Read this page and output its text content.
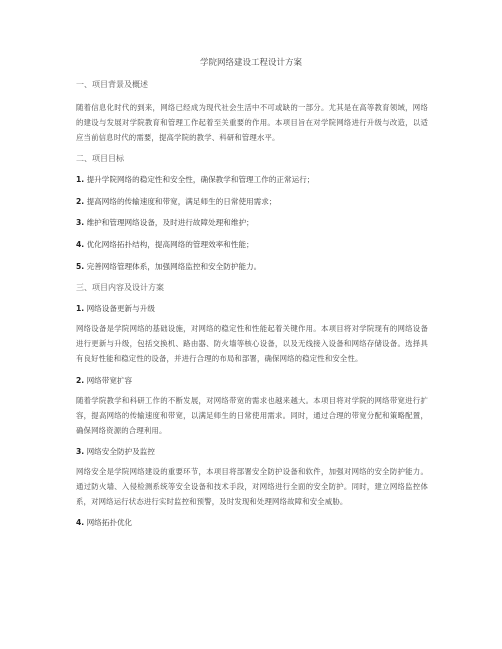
学院网络建设工程设计方案
一、项目背景及概述
随着信息化时代的到来，网络已经成为现代社会生活中不可或缺的一部分。尤其是在高等教育领域，网络的建设与发展对学院教育和管理工作起着至关重要的作用。本项目旨在对学院网络进行升级与改造，以适应当前信息时代的需要，提高学院的教学、科研和管理水平。
二、项目目标
1. 提升学院网络的稳定性和安全性，确保教学和管理工作的正常运行；
2. 提高网络的传输速度和带宽，满足师生的日常使用需求；
3. 维护和管理网络设备，及时进行故障处理和维护；
4. 优化网络拓扑结构，提高网络的管理效率和性能；
5. 完善网络管理体系，加强网络监控和安全防护能力。
三、项目内容及设计方案
1. 网络设备更新与升级
网络设备是学院网络的基础设施，对网络的稳定性和性能起着关键作用。本项目将对学院现有的网络设备进行更新与升级，包括交换机、路由器、防火墙等核心设备，以及无线接入设备和网络存储设备。选择具有良好性能和稳定性的设备，并进行合理的布局和部署，确保网络的稳定性和安全性。
2. 网络带宽扩容
随着学院教学和科研工作的不断发展，对网络带宽的需求也越来越大。本项目将对学院的网络带宽进行扩容，提高网络的传输速度和带宽，以满足师生的日常使用需求。同时，通过合理的带宽分配和策略配置，确保网络资源的合理利用。
3. 网络安全防护及监控
网络安全是学院网络建设的重要环节，本项目将部署安全防护设备和软件，加强对网络的安全防护能力。通过防火墙、入侵检测系统等安全设备和技术手段，对网络进行全面的安全防护。同时，建立网络监控体系，对网络运行状态进行实时监控和预警，及时发现和处理网络故障和安全威胁。
4. 网络拓扑优化
